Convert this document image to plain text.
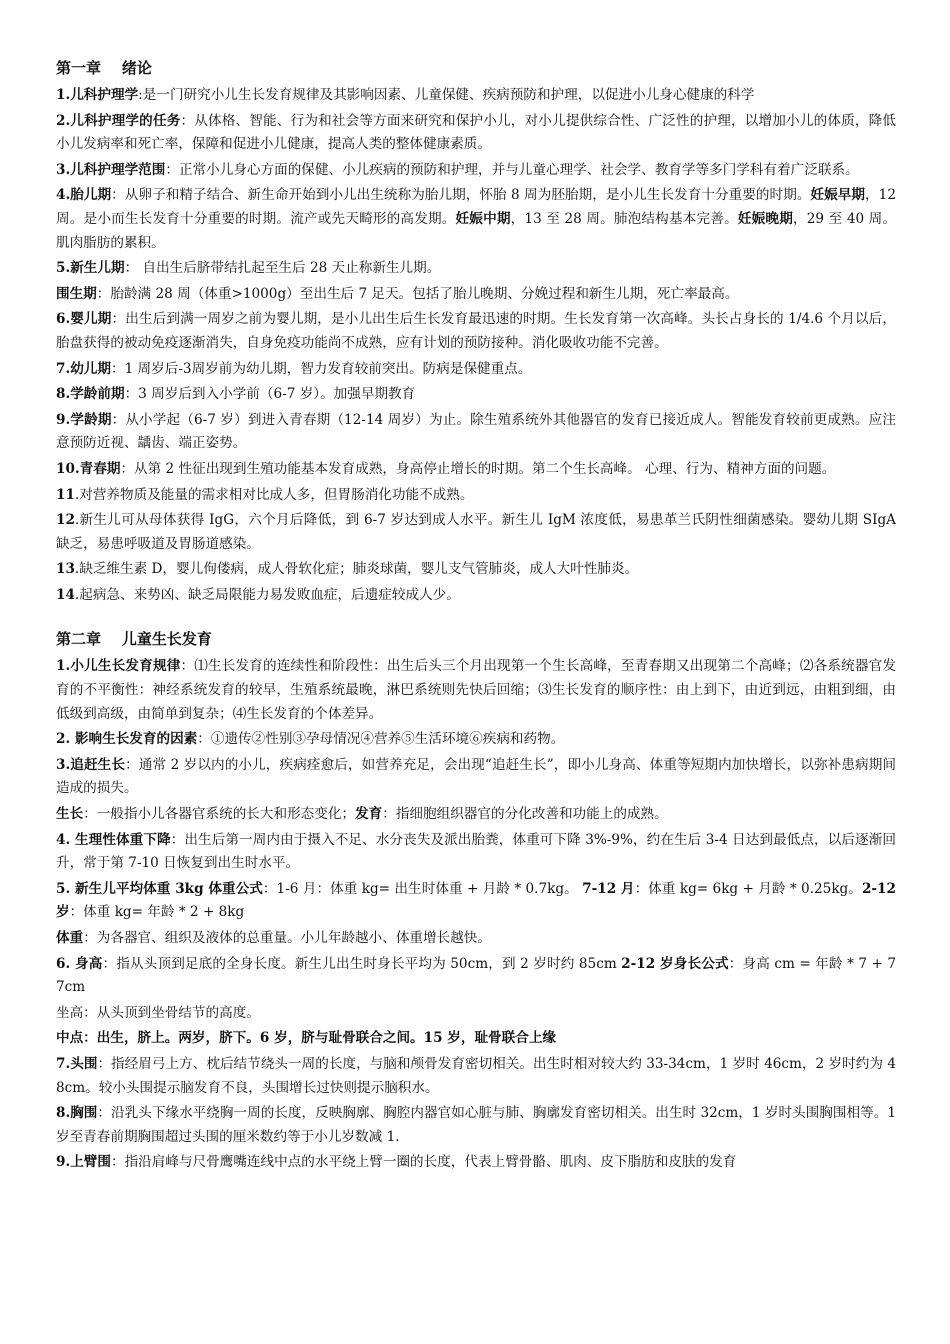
第一章    绪论

1.儿科护理学:是一门研究小儿生长发育规律及其影响因素、儿童保健、疾病预防和护理，以促进小儿身心健康的科学

2.儿科护理学的任务：从体格、智能、行为和社会等方面来研究和保护小儿，对小儿提供综合性、广泛性的护理，以增加小儿的体质，降低小儿发病率和死亡率，保障和促进小儿健康，提高人类的整体健康素质。

3.儿科护理学范围：正常小儿身心方面的保健、小儿疾病的预防和护理，并与儿童心理学、社会学、教育学等多门学科有着广泛联系。

4.胎儿期：从卵子和精子结合、新生命开始到小儿出生统称为胎儿期，怀胎 8 周为胚胎期，是小儿生长发育十分重要的时期。妊娠早期，12 周。是小而生长发育十分重要的时期。流产或先天畸形的高发期。妊娠中期，13 至 28 周。肺泡结构基本完善。妊娠晚期，29 至 40 周。肌肉脂肪的累积。

5.新生儿期： 自出生后脐带结扎起至生后 28 天止称新生儿期。

围生期：胎龄满 28 周（体重>1000g）至出生后 7 足天。包括了胎儿晚期、分娩过程和新生儿期，死亡率最高。

6.婴儿期：出生后到满一周岁之前为婴儿期，是小儿出生后生长发育最迅速的时期。生长发育第一次高峰。头长占身长的 1/4.6 个月以后，胎盘获得的被动免疫逐渐消失，自身免疫功能尚不成熟，应有计划的预防接种。消化吸收功能不完善。

7.幼儿期：1 周岁后-3周岁前为幼儿期，智力发育较前突出。防病是保健重点。

8.学龄前期：3 周岁后到入小学前（6-7 岁）。加强早期教育

9.学龄期：从小学起（6-7 岁）到进入青春期（12-14 周岁）为止。除生殖系统外其他器官的发育已接近成人。智能发育较前更成熟。应注意预防近视、龋齿、端正姿势。

10.青春期：从第 2 性征出现到生殖功能基本发育成熟，身高停止增长的时期。第二个生长高峰。 心理、行为、精神方面的问题。

11.对营养物质及能量的需求相对比成人多，但胃肠消化功能不成熟。

12.新生儿可从母体获得 IgG，六个月后降低，到 6-7 岁达到成人水平。新生儿 IgM 浓度低，易患革兰氏阴性细菌感染。婴幼儿期 SIgA 缺乏，易患呼吸道及胃肠道感染。

13.缺乏维生素 D，婴儿佝偻病，成人骨软化症；肺炎球菌，婴儿支气管肺炎，成人大叶性肺炎。

14.起病急、来势凶、缺乏局限能力易发败血症，后遗症较成人少。

第二章    儿童生长发育

1.小儿生长发育规律：⑴生长发育的连续性和阶段性：出生后头三个月出现第一个生长高峰，至青春期又出现第二个高峰；⑵各系统器官发育的不平衡性：神经系统发育的较早，生殖系统最晚，淋巴系统则先快后回缩；⑶生长发育的顺序性：由上到下，由近到远，由粗到细，由低级到高级，由简单到复杂；⑷生长发育的个体差异。

2. 影响生长发育的因素：①遗传②性别③孕母情况④营养⑤生活环境⑥疾病和药物。

3.追赶生长：通常 2 岁以内的小儿，疾病痊愈后，如营养充足，会出现“追赶生长”，即小儿身高、体重等短期内加快增长，以弥补患病期间造成的损失。

生长：一般指小儿各器官系统的长大和形态变化；发育：指细胞组织器官的分化改善和功能上的成熟。

4. 生理性体重下降：出生后第一周内由于摄入不足、水分丧失及派出胎粪，体重可下降 3%-9%，约在生后 3-4 日达到最低点，以后逐渐回升，常于第 7-10 日恢复到出生时水平。

5. 新生儿平均体重 3kg 体重公式：1-6 月：体重 kg= 出生时体重 + 月龄 * 0.7kg。 7-12 月：体重 kg= 6kg + 月龄 * 0.25kg。2-12 岁：体重 kg= 年龄 * 2 + 8kg

体重：为各器官、组织及液体的总重量。小儿年龄越小、体重增长越快。

6. 身高：指从头顶到足底的全身长度。新生儿出生时身长平均为 50cm，到 2 岁时约 85cm 2-12 岁身长公式：身高 cm = 年龄 * 7 + 77cm

坐高：从头顶到坐骨结节的高度。

中点：出生，脐上。两岁，脐下。6 岁，脐与耻骨联合之间。15 岁，耻骨联合上缘

7.头围：指经眉弓上方、枕后结节绕头一周的长度，与脑和颅骨发育密切相关。出生时相对较大约 33-34cm，1 岁时 46cm，2 岁时约为 48cm。较小头围提示脑发育不良，头围增长过快则提示脑积水。

8.胸围：沿乳头下缘水平绕胸一周的长度，反映胸廓、胸腔内器官如心脏与肺、胸廓发育密切相关。出生时 32cm，1 岁时头围胸围相等。1 岁至青春前期胸围超过头围的厘米数约等于小儿岁数减 1.

9.上臂围：指沿肩峰与尺骨鹰嘴连线中点的水平绕上臂一圈的长度，代表上臂骨骼、肌肉、皮下脂肪和皮肤的发育
